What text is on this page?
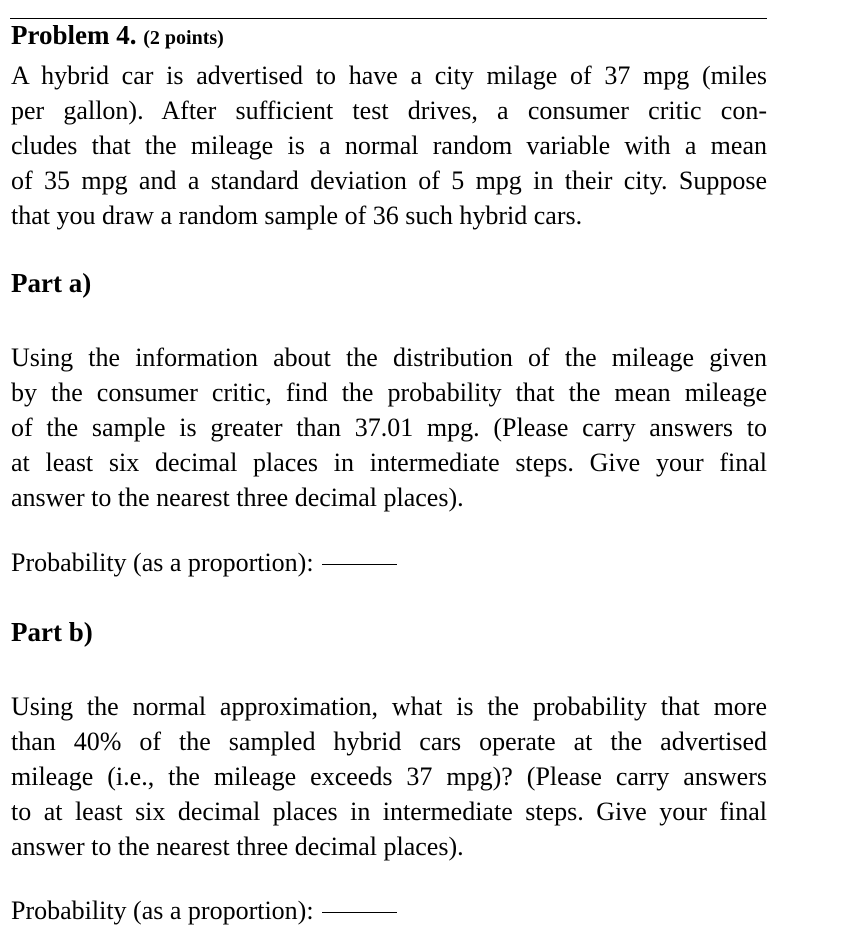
Problem 4. (2 points)

A hybrid car is advertised to have a city milage of 37 mpg (miles
per gallon). After sufficient test drives, a consumer critic con-
cludes that the mileage is a normal random variable with a mean
of 35 mpg and a standard deviation of 5 mpg in their city. Suppose
that you draw a random sample of 36 such hybrid cars.

Part a)

Using the information about the distribution of the mileage given
by the consumer critic, find the probability that the mean mileage
of the sample is greater than 37.01 mpg. (Please carry answers to
at least six decimal places in intermediate steps. Give your final
answer to the nearest three decimal places).

Probability (as a proportion):
Part b)

Using the normal approximation, what is the probability that more
than 40% of the sampled hybrid cars operate at the advertised
mileage (i.e., the mileage exceeds 37 mpg)? (Please carry answers
to at least six decimal places in intermediate steps. Give your final
answer to the nearest three decimal places).

Probability (as a proportion):
